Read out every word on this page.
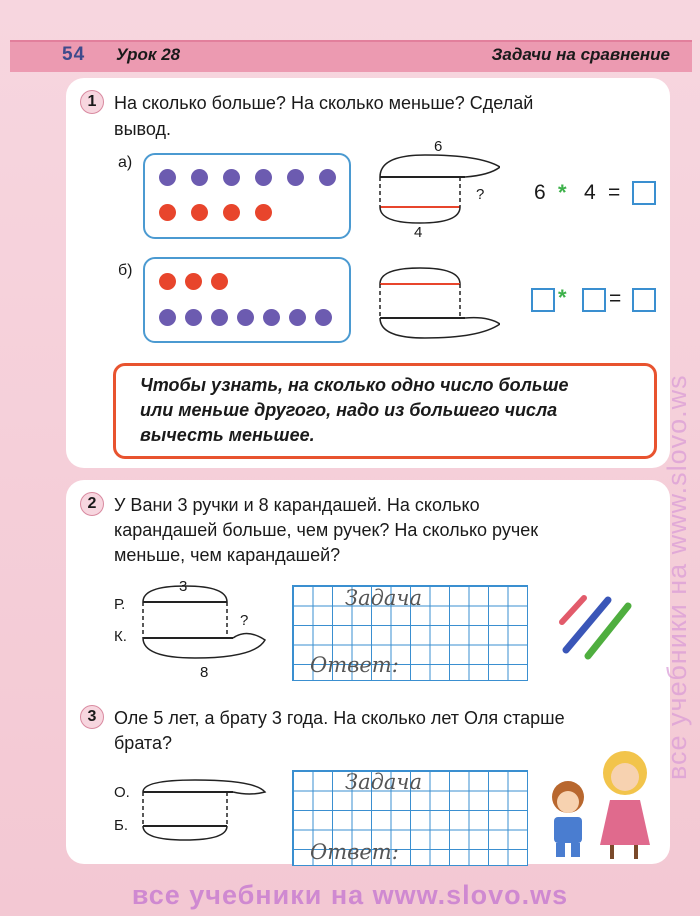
54 Урок 28	Задачи на сравнение
1 На сколько больше? На сколько меньше? Сделай
вывод.
а)
6
?
4
6 * 4 =
б)
* =
Чтобы узнать, на сколько одно число больше
или меньше другого, надо из большего числа
вычесть меньшее.
2 У Вани 3 ручки и 8 карандашей. На сколько
карандашей больше, чем ручек? На сколько ручек
меньше, чем карандашей?
Р.
К.
3
?
8
Задача
Ответ:
3 Оле 5 лет, а брату 3 года. На сколько лет Оля старше
брата?
О.
Б.
Задача
Ответ:
все учебники на www.slovo.ws
все учебники на www.slovo.ws
